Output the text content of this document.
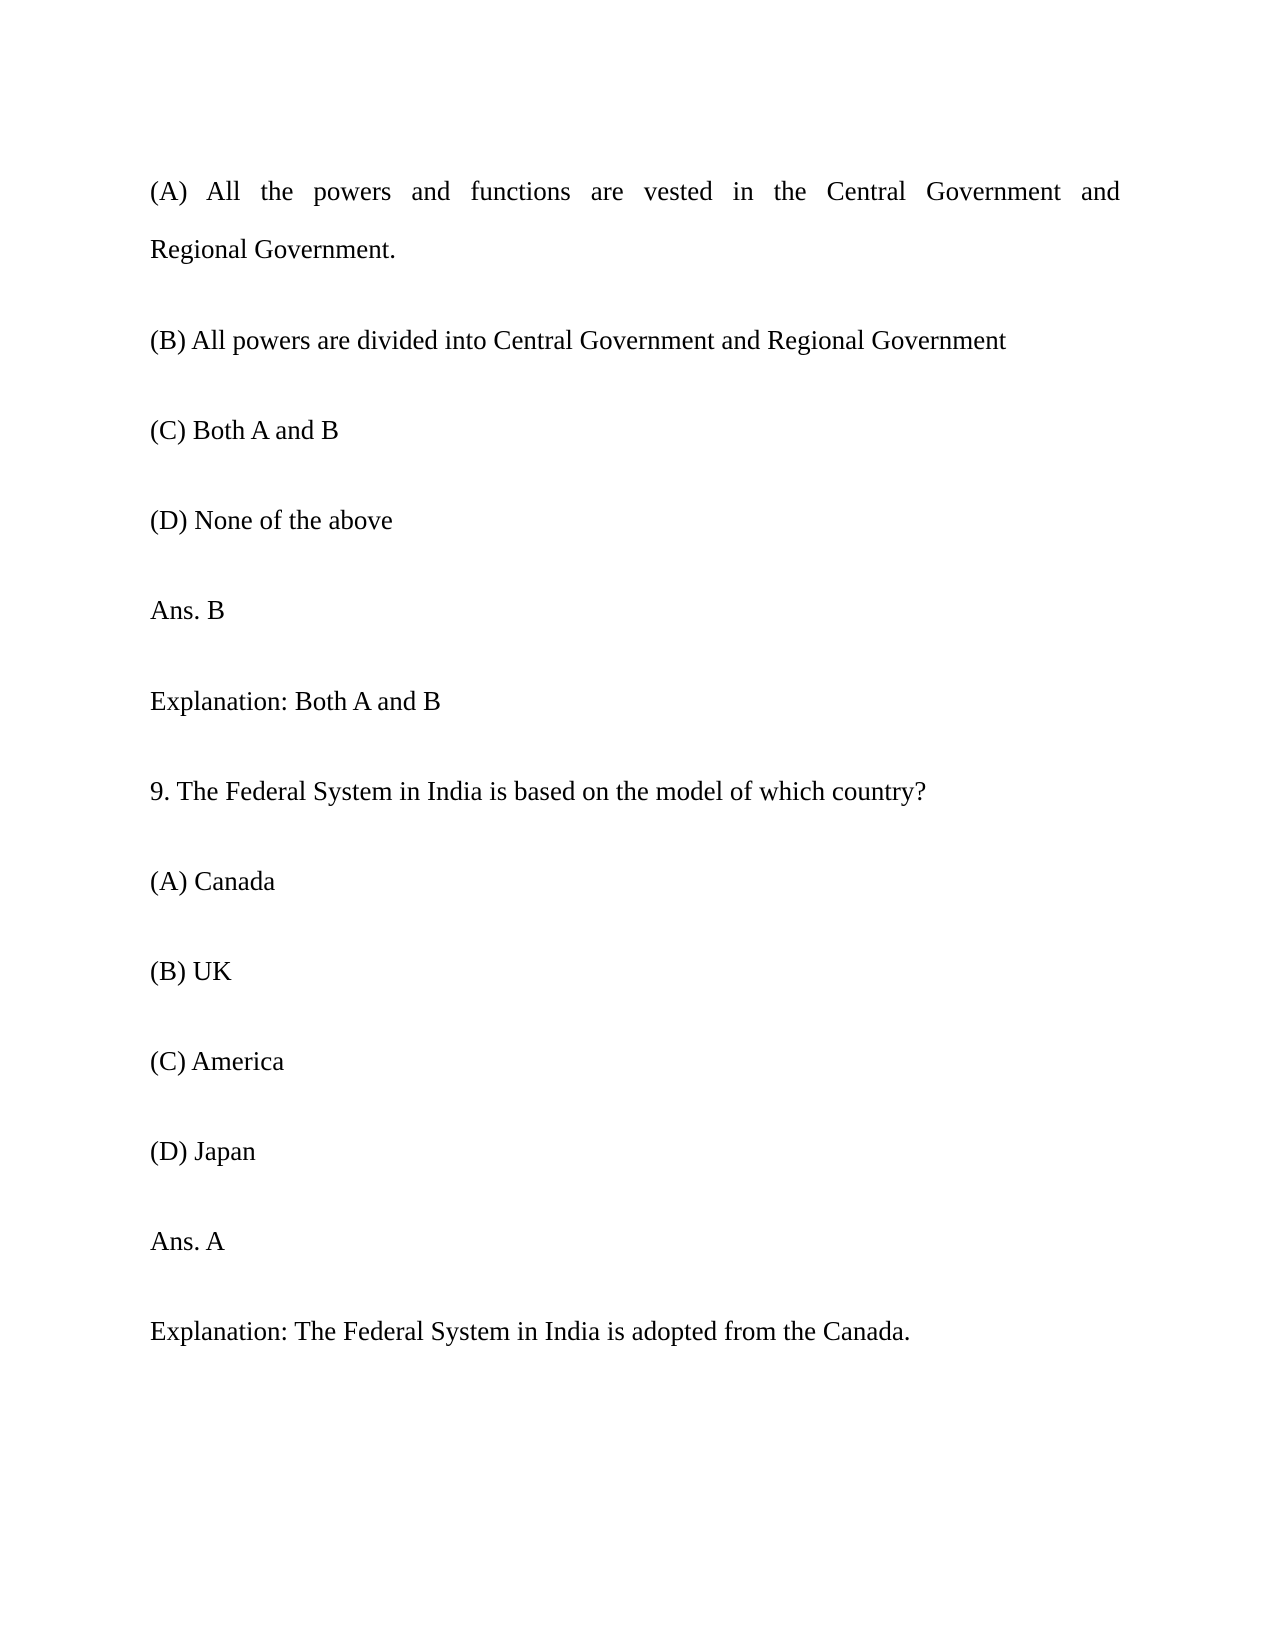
(A) All the powers and functions are vested in the Central Government and
Regional Government.
(B) All powers are divided into Central Government and Regional Government
(C) Both A and B
(D) None of the above
Ans. B
Explanation: Both A and B
9. The Federal System in India is based on the model of which country?
(A) Canada
(B) UK
(C) America
(D) Japan
Ans. A
Explanation: The Federal System in India is adopted from the Canada.
